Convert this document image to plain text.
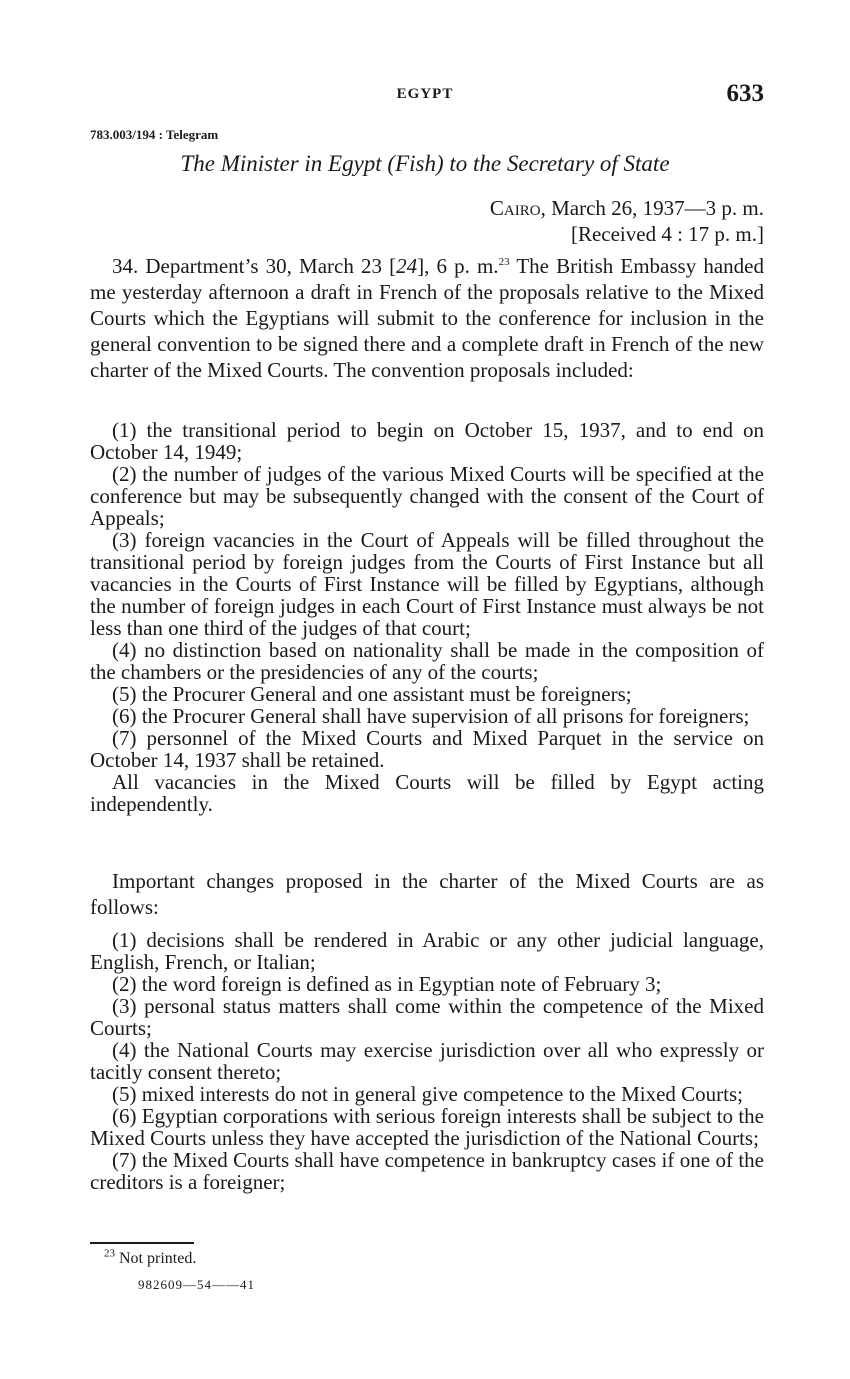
EGYPT	633
783.003/194 : Telegram
The Minister in Egypt (Fish) to the Secretary of State
Cairo, March 26, 1937—3 p. m.
[Received 4 : 17 p. m.]

34. Department’s 30, March 23 [24], 6 p. m.$^{23}$ The British Embassy handed me yesterday afternoon a draft in French of the proposals relative to the Mixed Courts which the Egyptians will submit to the conference for inclusion in the general convention to be signed there and a complete draft in French of the new charter of the Mixed Courts. The convention proposals included:

(1) the transitional period to begin on October 15, 1937, and to end on October 14, 1949;

(2) the number of judges of the various Mixed Courts will be specified at the conference but may be subsequently changed with the consent of the Court of Appeals;

(3) foreign vacancies in the Court of Appeals will be filled throughout the transitional period by foreign judges from the Courts of First Instance but all vacancies in the Courts of First Instance will be filled by Egyptians, although the number of foreign judges in each Court of First Instance must always be not less than one third of the judges of that court;

(4) no distinction based on nationality shall be made in the composition of the chambers or the presidencies of any of the courts;

(5) the Procurer General and one assistant must be foreigners;

(6) the Procurer General shall have supervision of all prisons for foreigners;

(7) personnel of the Mixed Courts and Mixed Parquet in the service on October 14, 1937 shall be retained.

All vacancies in the Mixed Courts will be filled by Egypt acting independently.

Important changes proposed in the charter of the Mixed Courts are as follows:

(1) decisions shall be rendered in Arabic or any other judicial language, English, French, or Italian;

(2) the word foreign is defined as in Egyptian note of February 3;

(3) personal status matters shall come within the competence of the Mixed Courts;

(4) the National Courts may exercise jurisdiction over all who expressly or tacitly consent thereto;

(5) mixed interests do not in general give competence to the Mixed Courts;

(6) Egyptian corporations with serious foreign interests shall be subject to the Mixed Courts unless they have accepted the jurisdiction of the National Courts;

(7) the Mixed Courts shall have competence in bankruptcy cases if one of the creditors is a foreigner;

$^{23}$ Not printed.
982609—54——41
